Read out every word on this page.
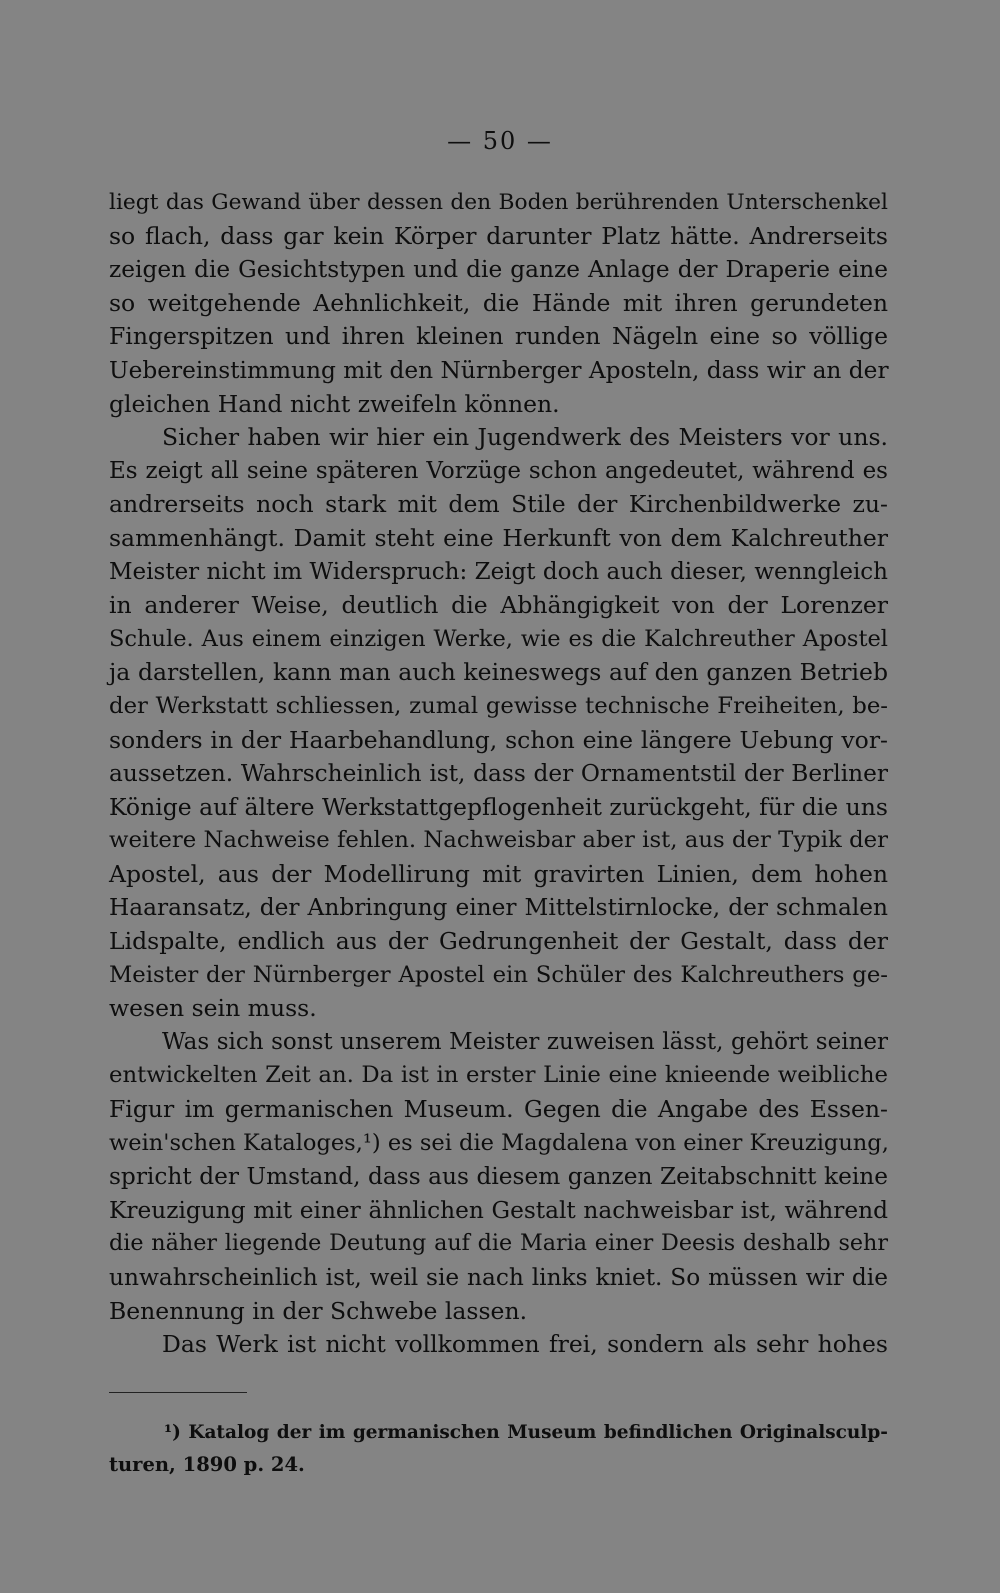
— 50 —
liegt das Gewand über dessen den Boden berührenden Unterschenkel
so flach, dass gar kein Körper darunter Platz hätte. Andrerseits
zeigen die Gesichtstypen und die ganze Anlage der Draperie eine
so weitgehende Aehnlichkeit, die Hände mit ihren gerundeten
Fingerspitzen und ihren kleinen runden Nägeln eine so völlige
Uebereinstimmung mit den Nürnberger Aposteln, dass wir an der
gleichen Hand nicht zweifeln können.
Sicher haben wir hier ein Jugendwerk des Meisters vor uns.
Es zeigt all seine späteren Vorzüge schon angedeutet, während es
andrerseits noch stark mit dem Stile der Kirchenbildwerke zu-
sammenhängt. Damit steht eine Herkunft von dem Kalchreuther
Meister nicht im Widerspruch: Zeigt doch auch dieser, wenngleich
in anderer Weise, deutlich die Abhängigkeit von der Lorenzer
Schule. Aus einem einzigen Werke, wie es die Kalchreuther Apostel
ja darstellen, kann man auch keineswegs auf den ganzen Betrieb
der Werkstatt schliessen, zumal gewisse technische Freiheiten, be-
sonders in der Haarbehandlung, schon eine längere Uebung vor-
aussetzen. Wahrscheinlich ist, dass der Ornamentstil der Berliner
Könige auf ältere Werkstattgepflogenheit zurückgeht, für die uns
weitere Nachweise fehlen. Nachweisbar aber ist, aus der Typik der
Apostel, aus der Modellirung mit gravirten Linien, dem hohen
Haaransatz, der Anbringung einer Mittelstirnlocke, der schmalen
Lidspalte, endlich aus der Gedrungenheit der Gestalt, dass der
Meister der Nürnberger Apostel ein Schüler des Kalchreuthers ge-
wesen sein muss.
Was sich sonst unserem Meister zuweisen lässt, gehört seiner
entwickelten Zeit an. Da ist in erster Linie eine knieende weibliche
Figur im germanischen Museum. Gegen die Angabe des Essen-
wein'schen Kataloges,¹) es sei die Magdalena von einer Kreuzigung,
spricht der Umstand, dass aus diesem ganzen Zeitabschnitt keine
Kreuzigung mit einer ähnlichen Gestalt nachweisbar ist, während
die näher liegende Deutung auf die Maria einer Deesis deshalb sehr
unwahrscheinlich ist, weil sie nach links kniet. So müssen wir die
Benennung in der Schwebe lassen.
Das Werk ist nicht vollkommen frei, sondern als sehr hohes
¹) Katalog der im germanischen Museum befindlichen Originalsculp-
turen, 1890 p. 24.
